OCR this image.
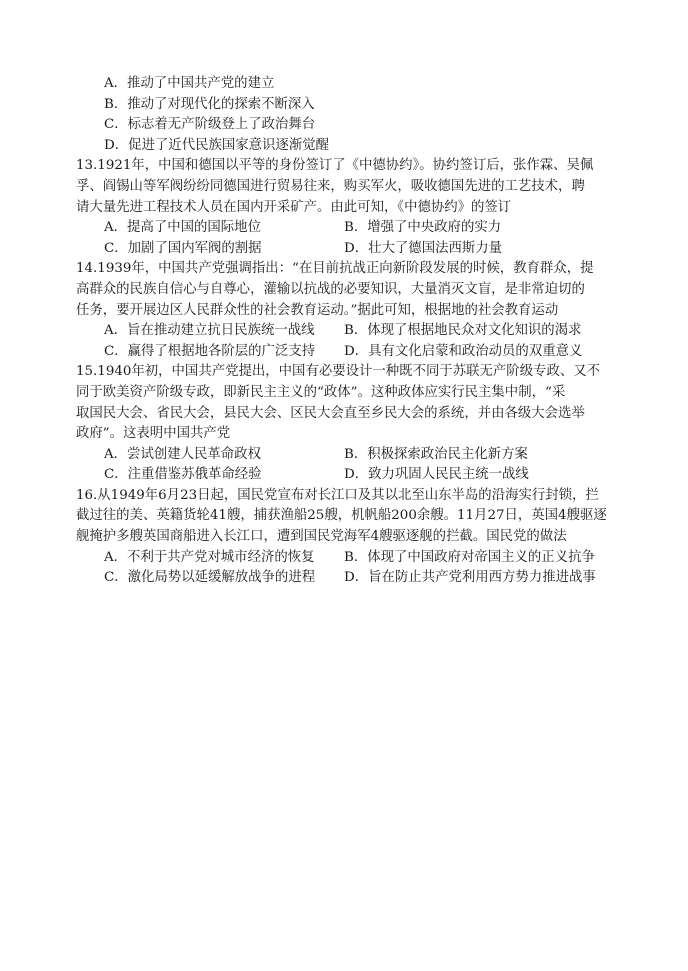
A．推动了中国共产党的建立
B．推动了对现代化的探索不断深入
C．标志着无产阶级登上了政治舞台
D．促进了近代民族国家意识逐渐觉醒
13.1921年，中国和德国以平等的身份签订了《中德协约》。协约签订后，张作霖、吴佩
孚、阎锡山等军阀纷纷同德国进行贸易往来，购买军火，吸收德国先进的工艺技术，聘
请大量先进工程技术人员在国内开采矿产。由此可知，《中德协约》的签订
A．提高了中国的国际地位	B．增强了中央政府的实力
C．加剧了国内军阀的割据	D．壮大了德国法西斯力量
14.1939年，中国共产党强调指出：“在目前抗战正向新阶段发展的时候，教育群众，提
高群众的民族自信心与自尊心，灌输以抗战的必要知识，大量消灭文盲，是非常迫切的
任务，要开展边区人民群众性的社会教育运动。”据此可知，根据地的社会教育运动
A．旨在推动建立抗日民族统一战线 B．体现了根据地民众对文化知识的渴求
C．赢得了根据地各阶层的广泛支持 D．具有文化启蒙和政治动员的双重意义
15.1940年初，中国共产党提出，中国有必要设计一种既不同于苏联无产阶级专政、又不
同于欧美资产阶级专政，即新民主主义的“政体”。这种政体应实行民主集中制，“采
取国民大会、省民大会，县民大会、区民大会直至乡民大会的系统，并由各级大会选举
政府”。这表明中国共产党
A．尝试创建人民革命政权	B．积极探索政治民主化新方案
C．注重借鉴苏俄革命经验	D．致力巩固人民民主统一战线
16.从1949年6月23日起，国民党宣布对长江口及其以北至山东半岛的沿海实行封锁，拦
截过往的美、英籍货轮41艘，捕获渔船25艘，机帆船200余艘。11月27日，英国4艘驱逐
舰掩护多艘英国商船进入长江口，遭到国民党海军4艘驱逐舰的拦截。国民党的做法
A．不利于共产党对城市经济的恢复 B．体现了中国政府对帝国主义的正义抗争
C．激化局势以延缓解放战争的进程 D．旨在防止共产党利用西方势力推进战事
